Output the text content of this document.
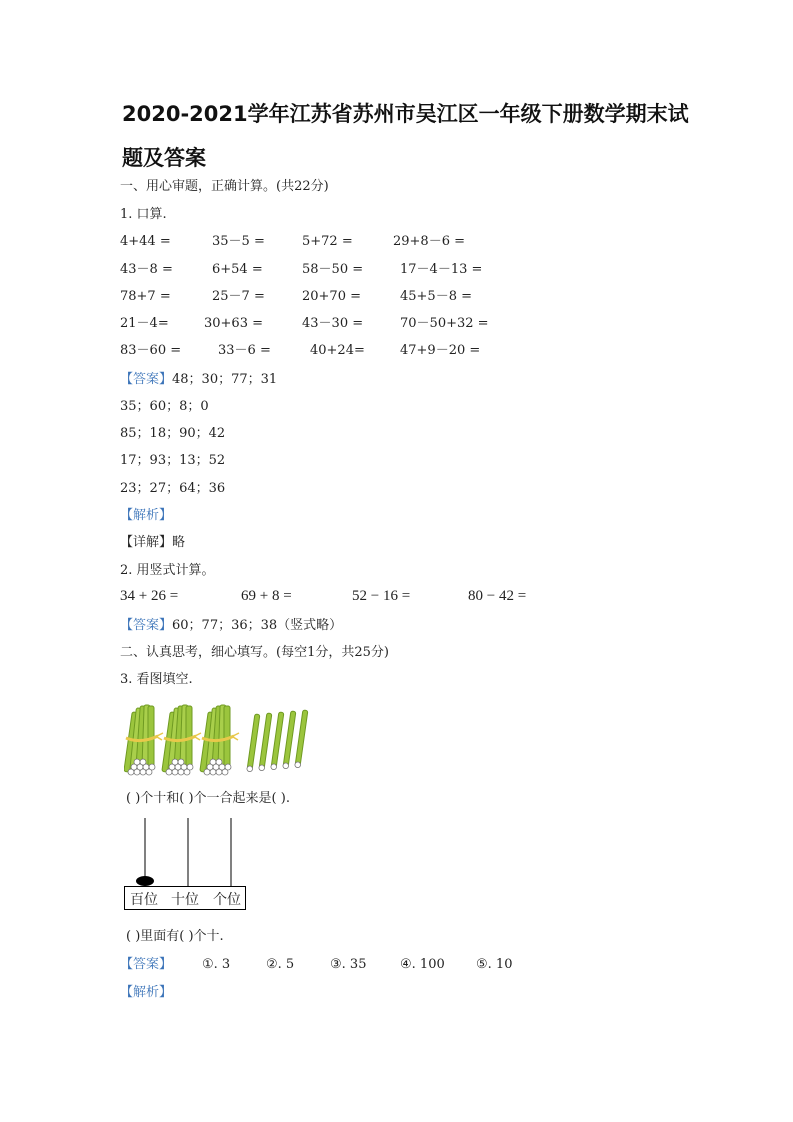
2020-2021学年江苏省苏州市吴江区一年级下册数学期末试
题及答案
一、用心审题，正确计算。(共22分)
1. 口算.
4+44 =	35－5 =	5+72 =	29+8－6 =
43－8 =	6+54 =	58－50 =	17－4－13 =
78+7 =	25－7 =	20+70 =	45+5－8 =
21－4=	30+63 =	43－30 =	70－50+32 =
83－60 =	33－6 =	40+24=	47+9－20 =
【答案】48；30；77；31
35；60；8；0
85；18；90；42
17；93；13；52
23；27；64；36
【解析】
【详解】略
2. 用竖式计算。
34 + 26 =	69 + 8 =	52 − 16 =	80 − 42 =
【答案】60；77；36；38（竖式略）
二、认真思考，细心填写。(每空1分，共25分)
3. 看图填空.
( )个十和( )个一合起来是( ).
百位 十位 个位
( )里面有( )个十.
【答案】 ①. 3	②. 5	③. 35	④. 100 ⑤. 10
【解析】
